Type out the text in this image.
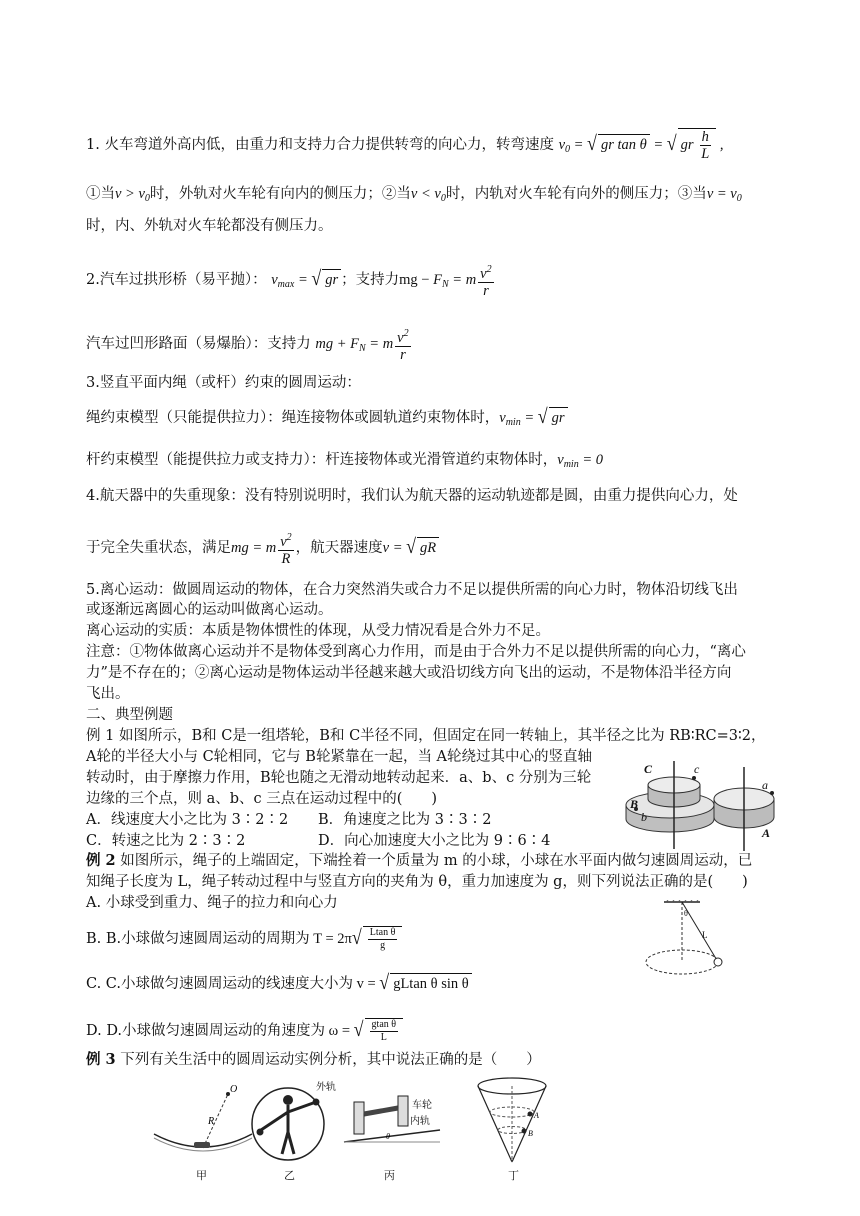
1. 火车弯道外高内低，由重力和支持力合力提供转弯的向心力，转弯速度 $v_0$ = √ gr tan θ = √ gr $\frac{h}{L}$ ,
①当$v > v_0$时，外轨对火车轮有向内的侧压力；②当$v < v_0$时，内轨对火车轮有向外的侧压力；③当$v = v_0$
时，内、外轨对火车轮都没有侧压力。
2.汽车过拱形桥（易平抛）： $v_{max}$ = √ gr ；支持力mg − $F_N = m \frac{v^2}{r}$
汽车过凹形路面（易爆胎）：支持力 mg + $F_N = m \frac{v^2}{r}$
3.竖直平面内绳（或杆）约束的圆周运动：
绳约束模型（只能提供拉力）：绳连接物体或圆轨道约束物体时，$v_{min}$ = √ gr
杆约束模型（能提供拉力或支持力）：杆连接物体或光滑管道约束物体时，$v_{min} = 0$
4.航天器中的失重现象：没有特别说明时，我们认为航天器的运动轨迹都是圆，由重力提供向心力，处
于完全失重状态，满足mg = m $\frac{v^2}{R}$ ，航天器速度v = √ gR
5.离心运动：做圆周运动的物体，在合力突然消失或合力不足以提供所需的向心力时，物体沿切线飞出
或逐渐远离圆心的运动叫做离心运动。
离心运动的实质：本质是物体惯性的体现，从受力情况看是合外力不足。
注意：①物体做离心运动并不是物体受到离心力作用，而是由于合外力不足以提供所需的向心力，“离心
力”是不存在的；②离心运动是物体运动半径越来越大或沿切线方向飞出的运动，不是物体沿半径方向
飞出。
二、典型例题
例 1 如图所示，B和 C是一组塔轮，B和 C半径不同，但固定在同一转轴上，其半径之比为 RB∶RC=3∶2，
A轮的半径大小与 C轮相同，它与 B轮紧靠在一起，当 A轮绕过其中心的竖直轴
转动时，由于摩擦力作用，B轮也随之无滑动地转动起来．a、b、c 分别为三轮
边缘的三个点，则 a、b、c 三点在运动过程中的(　　)
A．线速度大小之比为 3∶2∶2 B．角速度之比为 3∶3∶2
C．转速之比为 2∶3∶2	D．向心加速度大小之比为 9∶6∶4
C	c
a
B
b
A
例 2 如图所示，绳子的上端固定，下端拴着一个质量为 m 的小球，小球在水平面内做匀速圆周运动，已
知绳子长度为 L，绳子转动过程中与竖直方向的夹角为 θ，重力加速度为 g，则下列说法正确的是(　　)
A. 小球受到重力、绳子的拉力和向心力
B. B.小球做匀速圆周运动的周期为 $T = 2\pi√ \frac{\text{Ltan θ}}{g}$
C. C.小球做匀速圆周运动的线速度大小为 v = √ gLtan θ sin θ
D. D.小球做匀速圆周运动的角速度为 ω = √ $\frac{\text{gtan θ}}{L}$
θ
L
例 3 下列有关生活中的圆周运动实例分析，其中说法正确的是（　　）
O
R
甲	乙
θ
外轨
车轮
内轨
丙
A
B
丁
